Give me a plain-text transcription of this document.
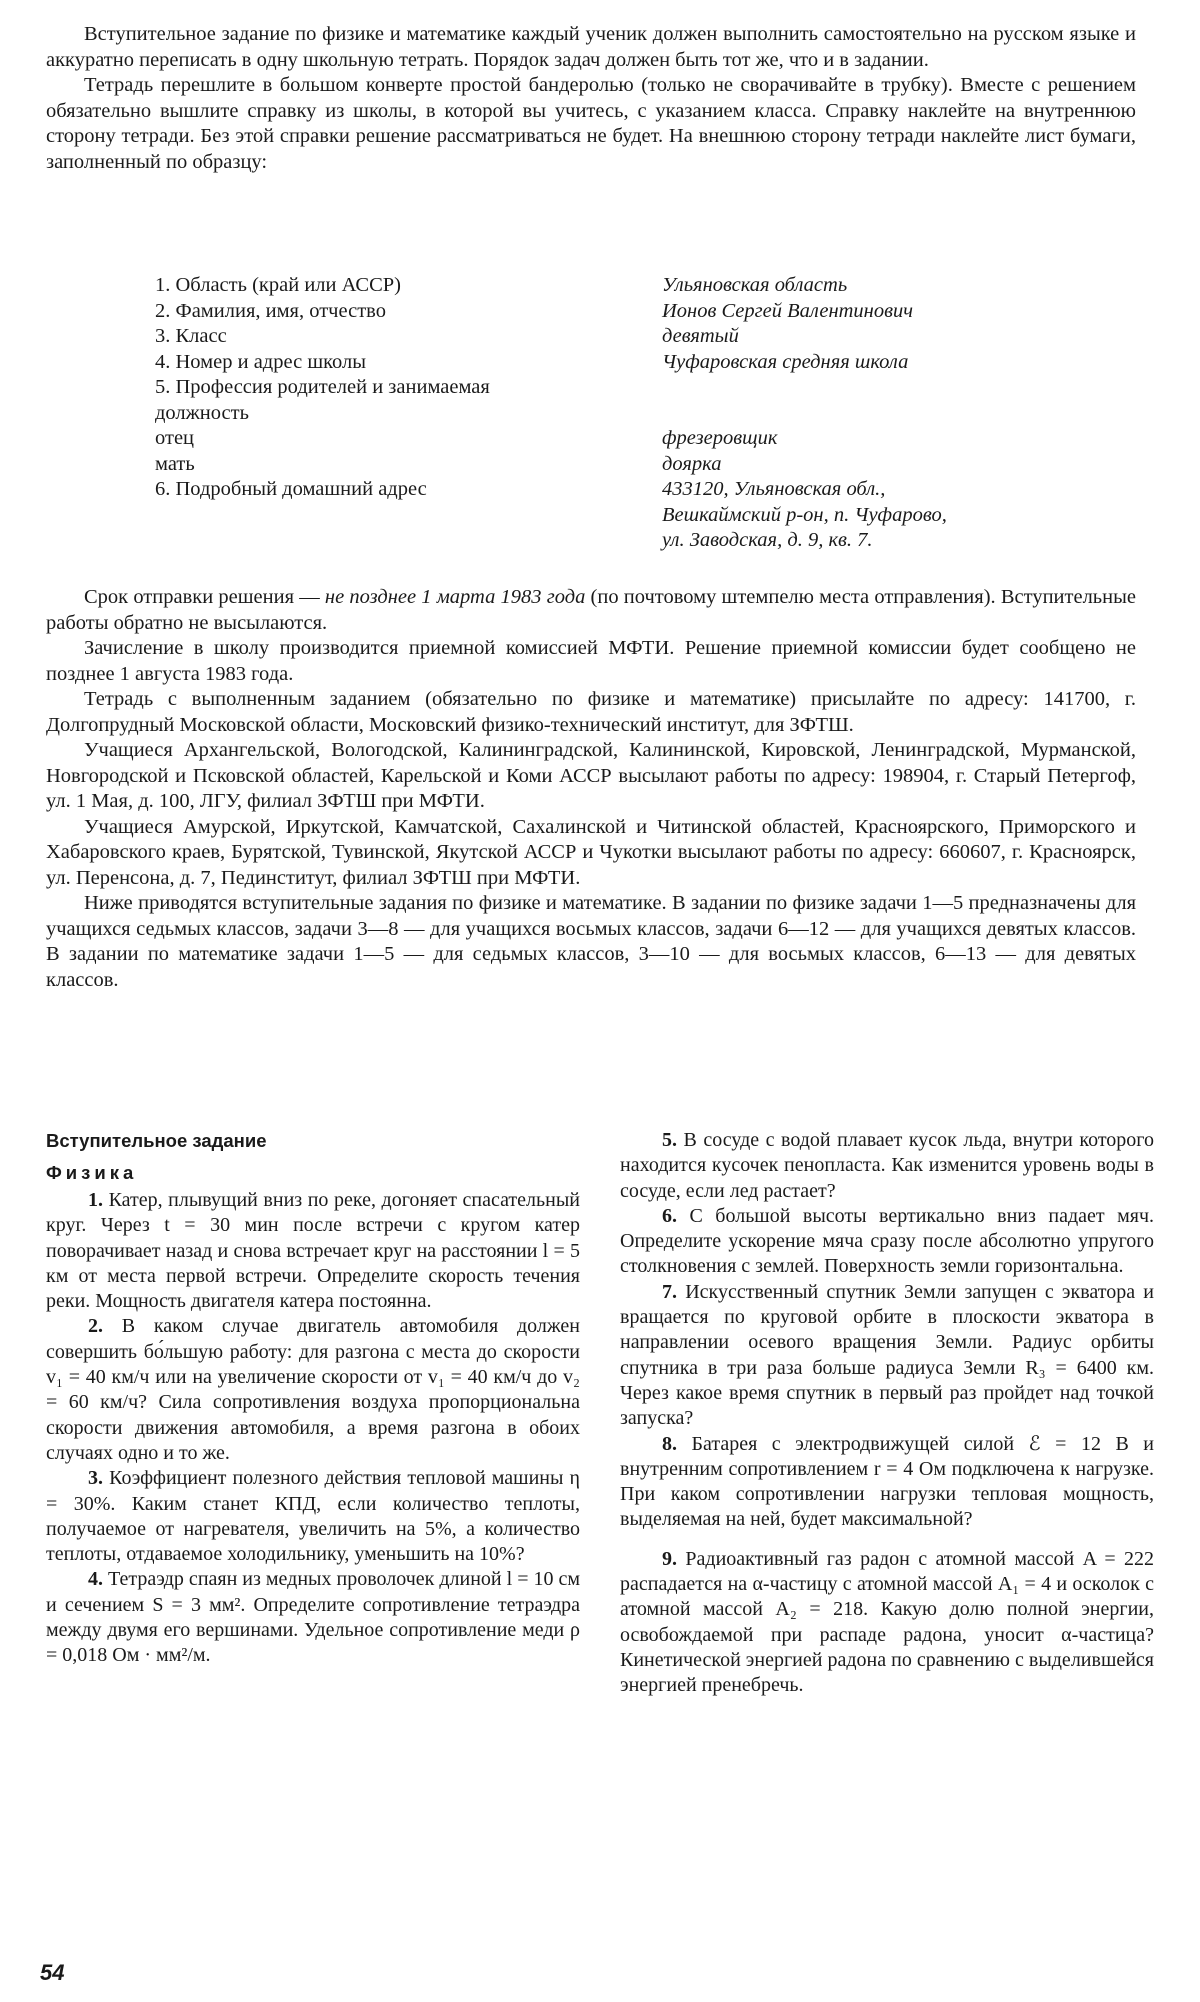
Вступительное задание по физике и математике каждый ученик должен выполнить самостоятельно на русском языке и аккуратно переписать в одну школьную тетрать. Порядок задач должен быть тот же, что и в задании.

Тетрадь перешлите в большом конверте простой бандеролью (только не сворачивайте в трубку). Вместе с решением обязательно вышлите справку из школы, в которой вы учитесь, с указанием класса. Справку наклейте на внутреннюю сторону тетради. Без этой справки решение рассматриваться не будет. На внешнюю сторону тетради наклейте лист бумаги, заполненный по образцу:

1. Область (край или АССР)	Ульяновская область
2. Фамилия, имя, отчество	Ионов Сергей Валентинович
3. Класс	девятый
4. Номер и адрес школы	Чуфаровская средняя школа
5. Профессия родителей и занимаемая
должность
отец	фрезеровщик
мать	доярка
6. Подробный домашний адрес	433120, Ульяновская обл.,
Вешкаймский р-он, п. Чуфарово,
ул. Заводская, д. 9, кв. 7.

Срок отправки решения — не позднее 1 марта 1983 года (по почтовому штемпелю места отправления). Вступительные работы обратно не высылаются.

Зачисление в школу производится приемной комиссией МФТИ. Решение приемной комиссии будет сообщено не позднее 1 августа 1983 года.

Тетрадь с выполненным заданием (обязательно по физике и математике) присылайте по адресу: 141700, г. Долгопрудный Московской области, Московский физико-технический институт, для ЗФТШ.

Учащиеся Архангельской, Вологодской, Калининградской, Калининской, Кировской, Ленинградской, Мурманской, Новгородской и Псковской областей, Карельской и Коми АССР высылают работы по адресу: 198904, г. Старый Петергоф, ул. 1 Мая, д. 100, ЛГУ, филиал ЗФТШ при МФТИ.

Учащиеся Амурской, Иркутской, Камчатской, Сахалинской и Читинской областей, Красноярского, Приморского и Хабаровского краев, Бурятской, Тувинской, Якутской АССР и Чукотки высылают работы по адресу: 660607, г. Красноярск, ул. Перенсона, д. 7, Пединститут, филиал ЗФТШ при МФТИ.

Ниже приводятся вступительные задания по физике и математике. В задании по физике задачи 1—5 предназначены для учащихся седьмых классов, задачи 3—8 — для учащихся восьмых классов, задачи 6—12 — для учащихся девятых классов. В задании по математике задачи 1—5 — для седьмых классов, 3—10 — для восьмых классов, 6—13 — для девятых классов.

Вступительное задание
Физика

1. Катер, плывущий вниз по реке, догоняет спасательный круг. Через t = 30 мин после встречи с кругом катер поворачивает назад и снова встречает круг на расстоянии l = 5 км от места первой встречи. Определите скорость течения реки. Мощность двигателя катера постоянна.

2. В каком случае двигатель автомобиля должен совершить бо́льшую работу: для разгона с места до скорости v₁ = 40 км/ч или на увеличение скорости от v₁ = 40 км/ч до v₂ = 60 км/ч? Сила сопротивления воздуха пропорциональна скорости движения автомобиля, а время разгона в обоих случаях одно и то же.

3. Коэффициент полезного действия тепловой машины η = 30%. Каким станет КПД, если количество теплоты, получаемое от нагревателя, увеличить на 5%, а количество теплоты, отдаваемое холодильнику, уменьшить на 10%?

4. Тетраэдр спаян из медных проволочек длиной l = 10 см и сечением S = 3 мм². Определите сопротивление тетраэдра между двумя его вершинами. Удельное сопротивление меди ρ = 0,018 Ом · мм²/м.

5. В сосуде с водой плавает кусок льда, внутри которого находится кусочек пенопласта. Как изменится уровень воды в сосуде, если лед растает?

6. С большой высоты вертикально вниз падает мяч. Определите ускорение мяча сразу после абсолютно упругого столкновения с землей. Поверхность земли горизонтальна.

7. Искусственный спутник Земли запущен с экватора и вращается по круговой орбите в плоскости экватора в направлении осевого вращения Земли. Радиус орбиты спутника в три раза больше радиуса Земли R₃ = 6400 км. Через какое время спутник в первый раз пройдет над точкой запуска?

8. Батарея с электродвижущей силой ℰ = 12 В и внутренним сопротивлением r = 4 Ом подключена к нагрузке. При каком сопротивлении нагрузки тепловая мощность, выделяемая на ней, будет максимальной?

9. Радиоактивный газ радон с атомной массой A = 222 распадается на α-частицу с атомной массой A₁ = 4 и осколок с атомной массой A₂ = 218. Какую долю полной энергии, освобождаемой при распаде радона, уносит α-частица? Кинетической энергией радона по сравнению с выделившейся энергией пренебречь.

54
